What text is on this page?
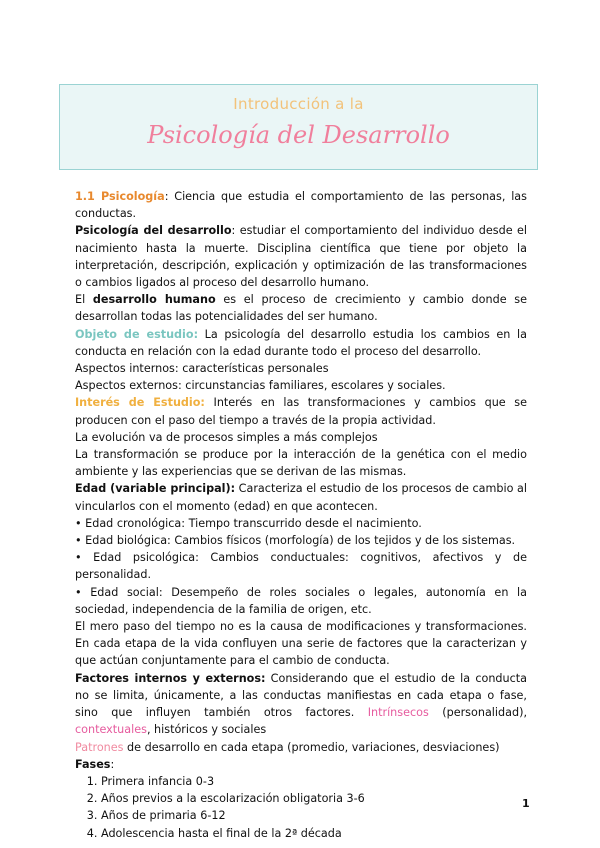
Introducción a la
Psicología del Desarrollo

1.1 Psicología: Ciencia que estudia el comportamiento de las personas, las conductas.

Psicología del desarrollo: estudiar el comportamiento del individuo desde el nacimiento hasta la muerte. Disciplina científica que tiene por objeto la interpretación, descripción, explicación y optimización de las transformaciones o cambios ligados al proceso del desarrollo humano.

El desarrollo humano es el proceso de crecimiento y cambio donde se desarrollan todas las potencialidades del ser humano.

Objeto de estudio: La psicología del desarrollo estudia los cambios en la conducta en relación con la edad durante todo el proceso del desarrollo.

Aspectos internos: características personales

Aspectos externos: circunstancias familiares, escolares y sociales.

Interés de Estudio: Interés en las transformaciones y cambios que se producen con el paso del tiempo a través de la propia actividad.

La evolución va de procesos simples a más complejos

La transformación se produce por la interacción de la genética con el medio ambiente y las experiencias que se derivan de las mismas.

Edad (variable principal): Caracteriza el estudio de los procesos de cambio al vincularlos con el momento (edad) en que acontecen.

• Edad cronológica: Tiempo transcurrido desde el nacimiento.

• Edad biológica: Cambios físicos (morfología) de los tejidos y de los sistemas.

• Edad psicológica: Cambios conductuales: cognitivos, afectivos y de personalidad.

• Edad social: Desempeño de roles sociales o legales, autonomía en la sociedad, independencia de la familia de origen, etc.

El mero paso del tiempo no es la causa de modificaciones y transformaciones. En cada etapa de la vida confluyen una serie de factores que la caracterizan y que actúan conjuntamente para el cambio de conducta.

Factores internos y externos: Considerando que el estudio de la conducta no se limita, únicamente, a las conductas manifiestas en cada etapa o fase, sino que influyen también otros factores. Intrínsecos (personalidad), contextuales, históricos y sociales

Patrones de desarrollo en cada etapa (promedio, variaciones, desviaciones)

Fases:

1. Primera infancia 0-3
2. Años previos a la escolarización obligatoria 3-6
3. Años de primaria 6-12
4. Adolescencia hasta el final de la 2ª década
1
